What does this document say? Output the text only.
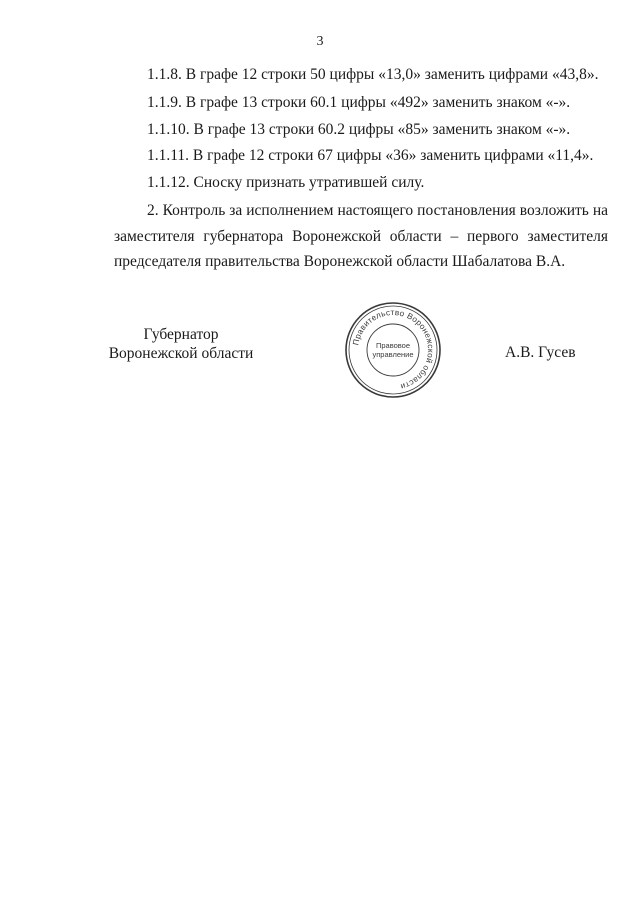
3
1.1.8. В графе 12 строки 50 цифры «13,0» заменить цифрами «43,8».
1.1.9. В графе 13 строки 60.1 цифры «492» заменить знаком «-».
1.1.10. В графе 13 строки 60.2 цифры «85» заменить знаком «-».
1.1.11. В графе 12 строки 67 цифры «36» заменить цифрами «11,4».
1.1.12. Сноску признать утратившей силу.
2. Контроль за исполнением настоящего постановления возложить на заместителя губернатора Воронежской области – первого заместителя председателя правительства Воронежской области Шабалатова В.А.
Губернатор
Воронежской области
Правительство Воронежской области
Правовое
управление	А.В. Гусев
